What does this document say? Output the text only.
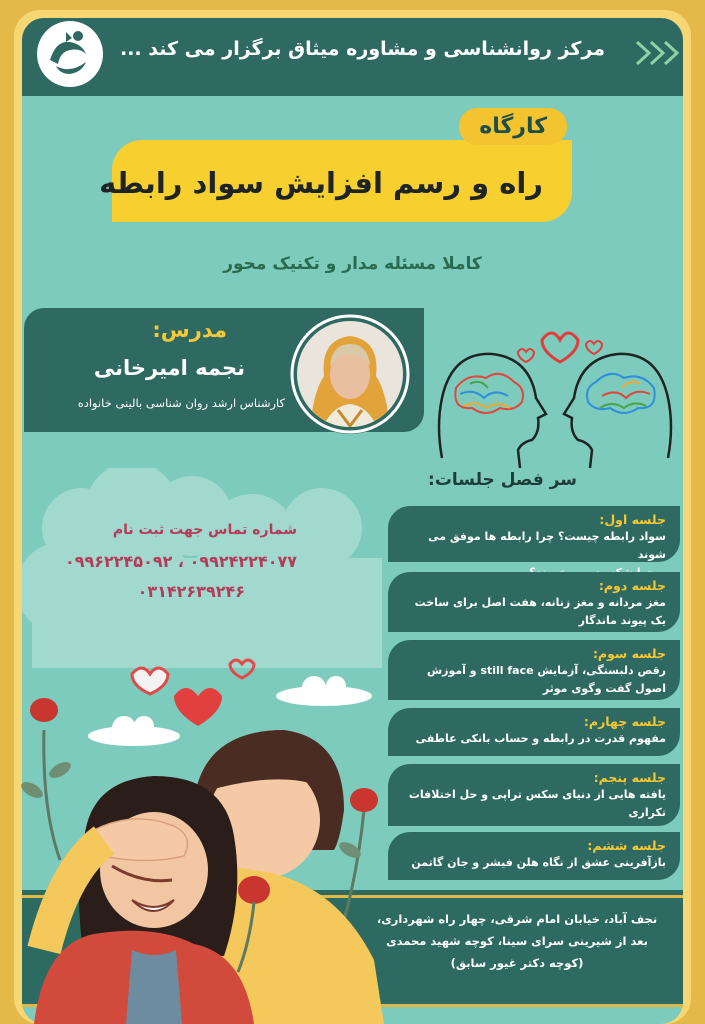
مرکز روانشناسی و مشاوره میثاق برگزار می کند ...
کارگاه
راه و رسم افزایش سواد رابطه
کاملا مسئله مدار و تکنیک محور
مدرس:
نجمه امیرخانی
کارشناس ارشد روان شناسی بالینی خانواده
شماره تماس جهت ثبت نام
۰۹۹۲۴۲۲۴۰۷۷ ، ۰۹۹۶۲۲۴۵۰۹۲
۰۳۱۴۲۶۳۹۲۴۶
سر فصل جلسات:
جلسه اول:
سواد رابطه چیست؟ چرا رابطه ها موفق می شوند
جلسه دوم:
مغز مردانه و مغز زنانه، هفت اصل برای ساخت
یک پیوند ماندگار
جلسه سوم:
رقص دلبستگی، آزمایش still face و آموزش
اصول گفت وگوی موثر
جلسه چهارم:
مفهوم قدرت در رابطه و حساب بانکی عاطفی
جلسه پنجم:
یافته هایی از دنیای سکس تراپی و حل اختلافات
تکراری
جلسه ششم:
بازآفرینی عشق از نگاه هلن فیشر و جان گاتمن
نجف آباد، خیابان امام شرقی، چهار راه شهرداری،
بعد از شیرینی سرای سینا، کوچه شهید محمدی
(کوچه دکتر غیور سابق)
